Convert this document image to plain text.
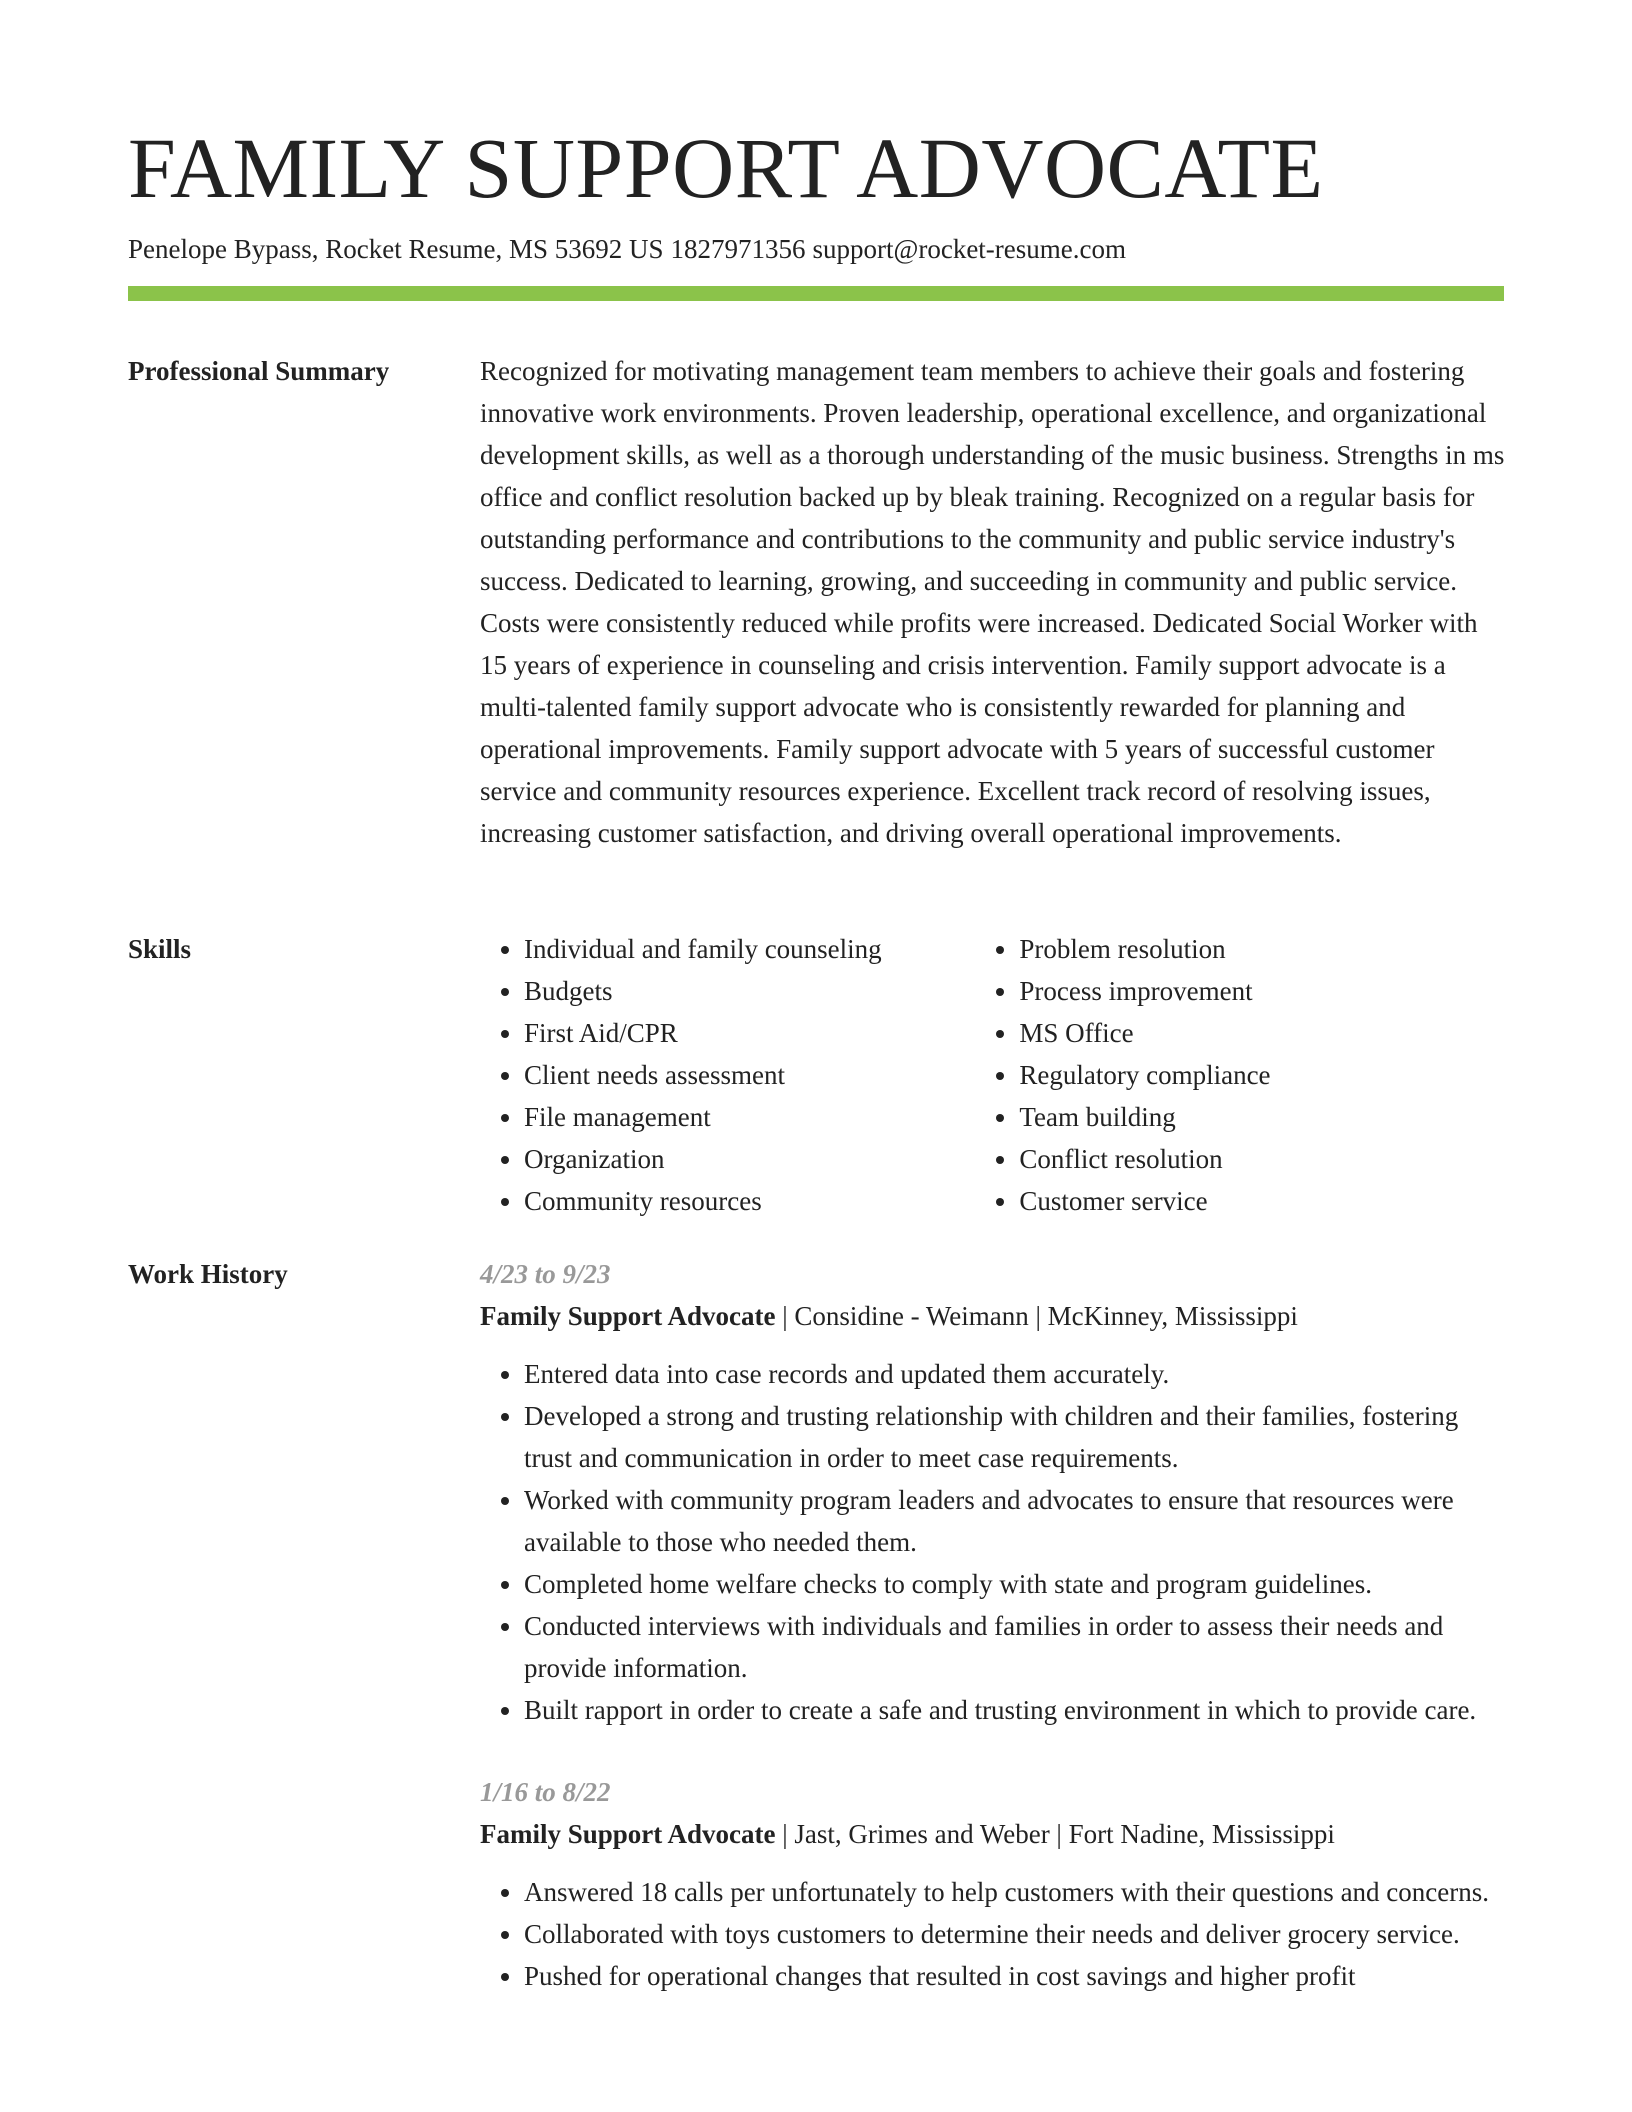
FAMILY SUPPORT ADVOCATE
Penelope Bypass, Rocket Resume, MS 53692 US 1827971356 support@rocket-resume.com
Professional Summary	Recognized for motivating management team members to achieve their goals and fostering innovative work environments. Proven leadership, operational excellence, and organizational development skills, as well as a thorough understanding of the music business. Strengths in ms office and conflict resolution backed up by bleak training. Recognized on a regular basis for outstanding performance and contributions to the community and public service industry's success. Dedicated to learning, growing, and succeeding in community and public service. Costs were consistently reduced while profits were increased. Dedicated Social Worker with 15 years of experience in counseling and crisis intervention. Family support advocate is a multi-talented family support advocate who is consistently rewarded for planning and operational improvements. Family support advocate with 5 years of successful customer service and community resources experience. Excellent track record of resolving issues, increasing customer satisfaction, and driving overall operational improvements.

Skills
•	Individual and family counseling
• Budgets
• First Aid/CPR
• Client needs assessment
• File management
• Organization
• Community resources
• Problem resolution
• Process improvement
• MS Office
• Regulatory compliance
• Team building
• Conflict resolution
• Customer service
Work History	4/23 to 9/23
Family Support Advocate | Considine - Weimann | McKinney, Mississippi
• Entered data into case records and updated them accurately.
• Developed a strong and trusting relationship with children and their families, fostering trust and communication in order to meet case requirements.
• Worked with community program leaders and advocates to ensure that resources were available to those who needed them.
• Completed home welfare checks to comply with state and program guidelines.
• Conducted interviews with individuals and families in order to assess their needs and provide information.
• Built rapport in order to create a safe and trusting environment in which to provide care.
1/16 to 8/22
Family Support Advocate | Jast, Grimes and Weber | Fort Nadine, Mississippi
• Answered 18 calls per unfortunately to help customers with their questions and concerns.
• Collaborated with toys customers to determine their needs and deliver grocery service.
• Pushed for operational changes that resulted in cost savings and higher profit
